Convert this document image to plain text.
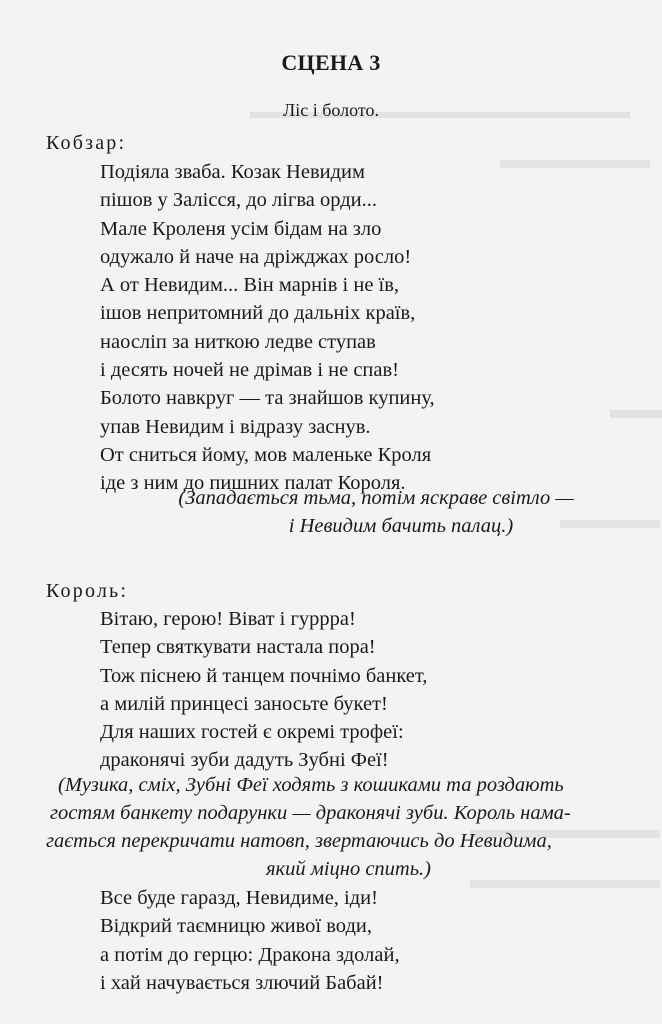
СЦЕНА 3
Ліс і болото.
Кобзар:
Подіяла зваба. Козак Невидим
пішов у Залісся, до лігва орди...
Мале Кроленя усім бідам на зло
одужало й наче на дріжджах росло!
А от Невидим... Він марнів і не їв,
ішов непритомний до дальніх країв,
наосліп за ниткою ледве ступав
і десять ночей не дрімав і не спав!
Болото навкруг — та знайшов купину,
упав Невидим і відразу заснув.
От сниться йому, мов маленьке Кроля
іде з ним до пишних палат Короля.
(Западається тьма, потім яскраве світло —
і Невидим бачить палац.)
Король:
Вітаю, герою! Віват і гуррра!
Тепер святкувати настала пора!
Тож піснею й танцем почнімо банкет,
а милій принцесі заносьте букет!
Для наших гостей є окремі трофеї:
драконячі зуби дадуть Зубні Феї!
(Музика, сміх, Зубні Феї ходять з кошиками та роздають
гостям банкету подарунки — драконячі зуби. Король нама-
гається перекричати натовп, звертаючись до Невидима,
який міцно спить.)
Все буде гаразд, Невидиме, іди!
Відкрий таємницю живої води,
а потім до герцю: Дракона здолай,
і хай начувається злючий Бабай!
